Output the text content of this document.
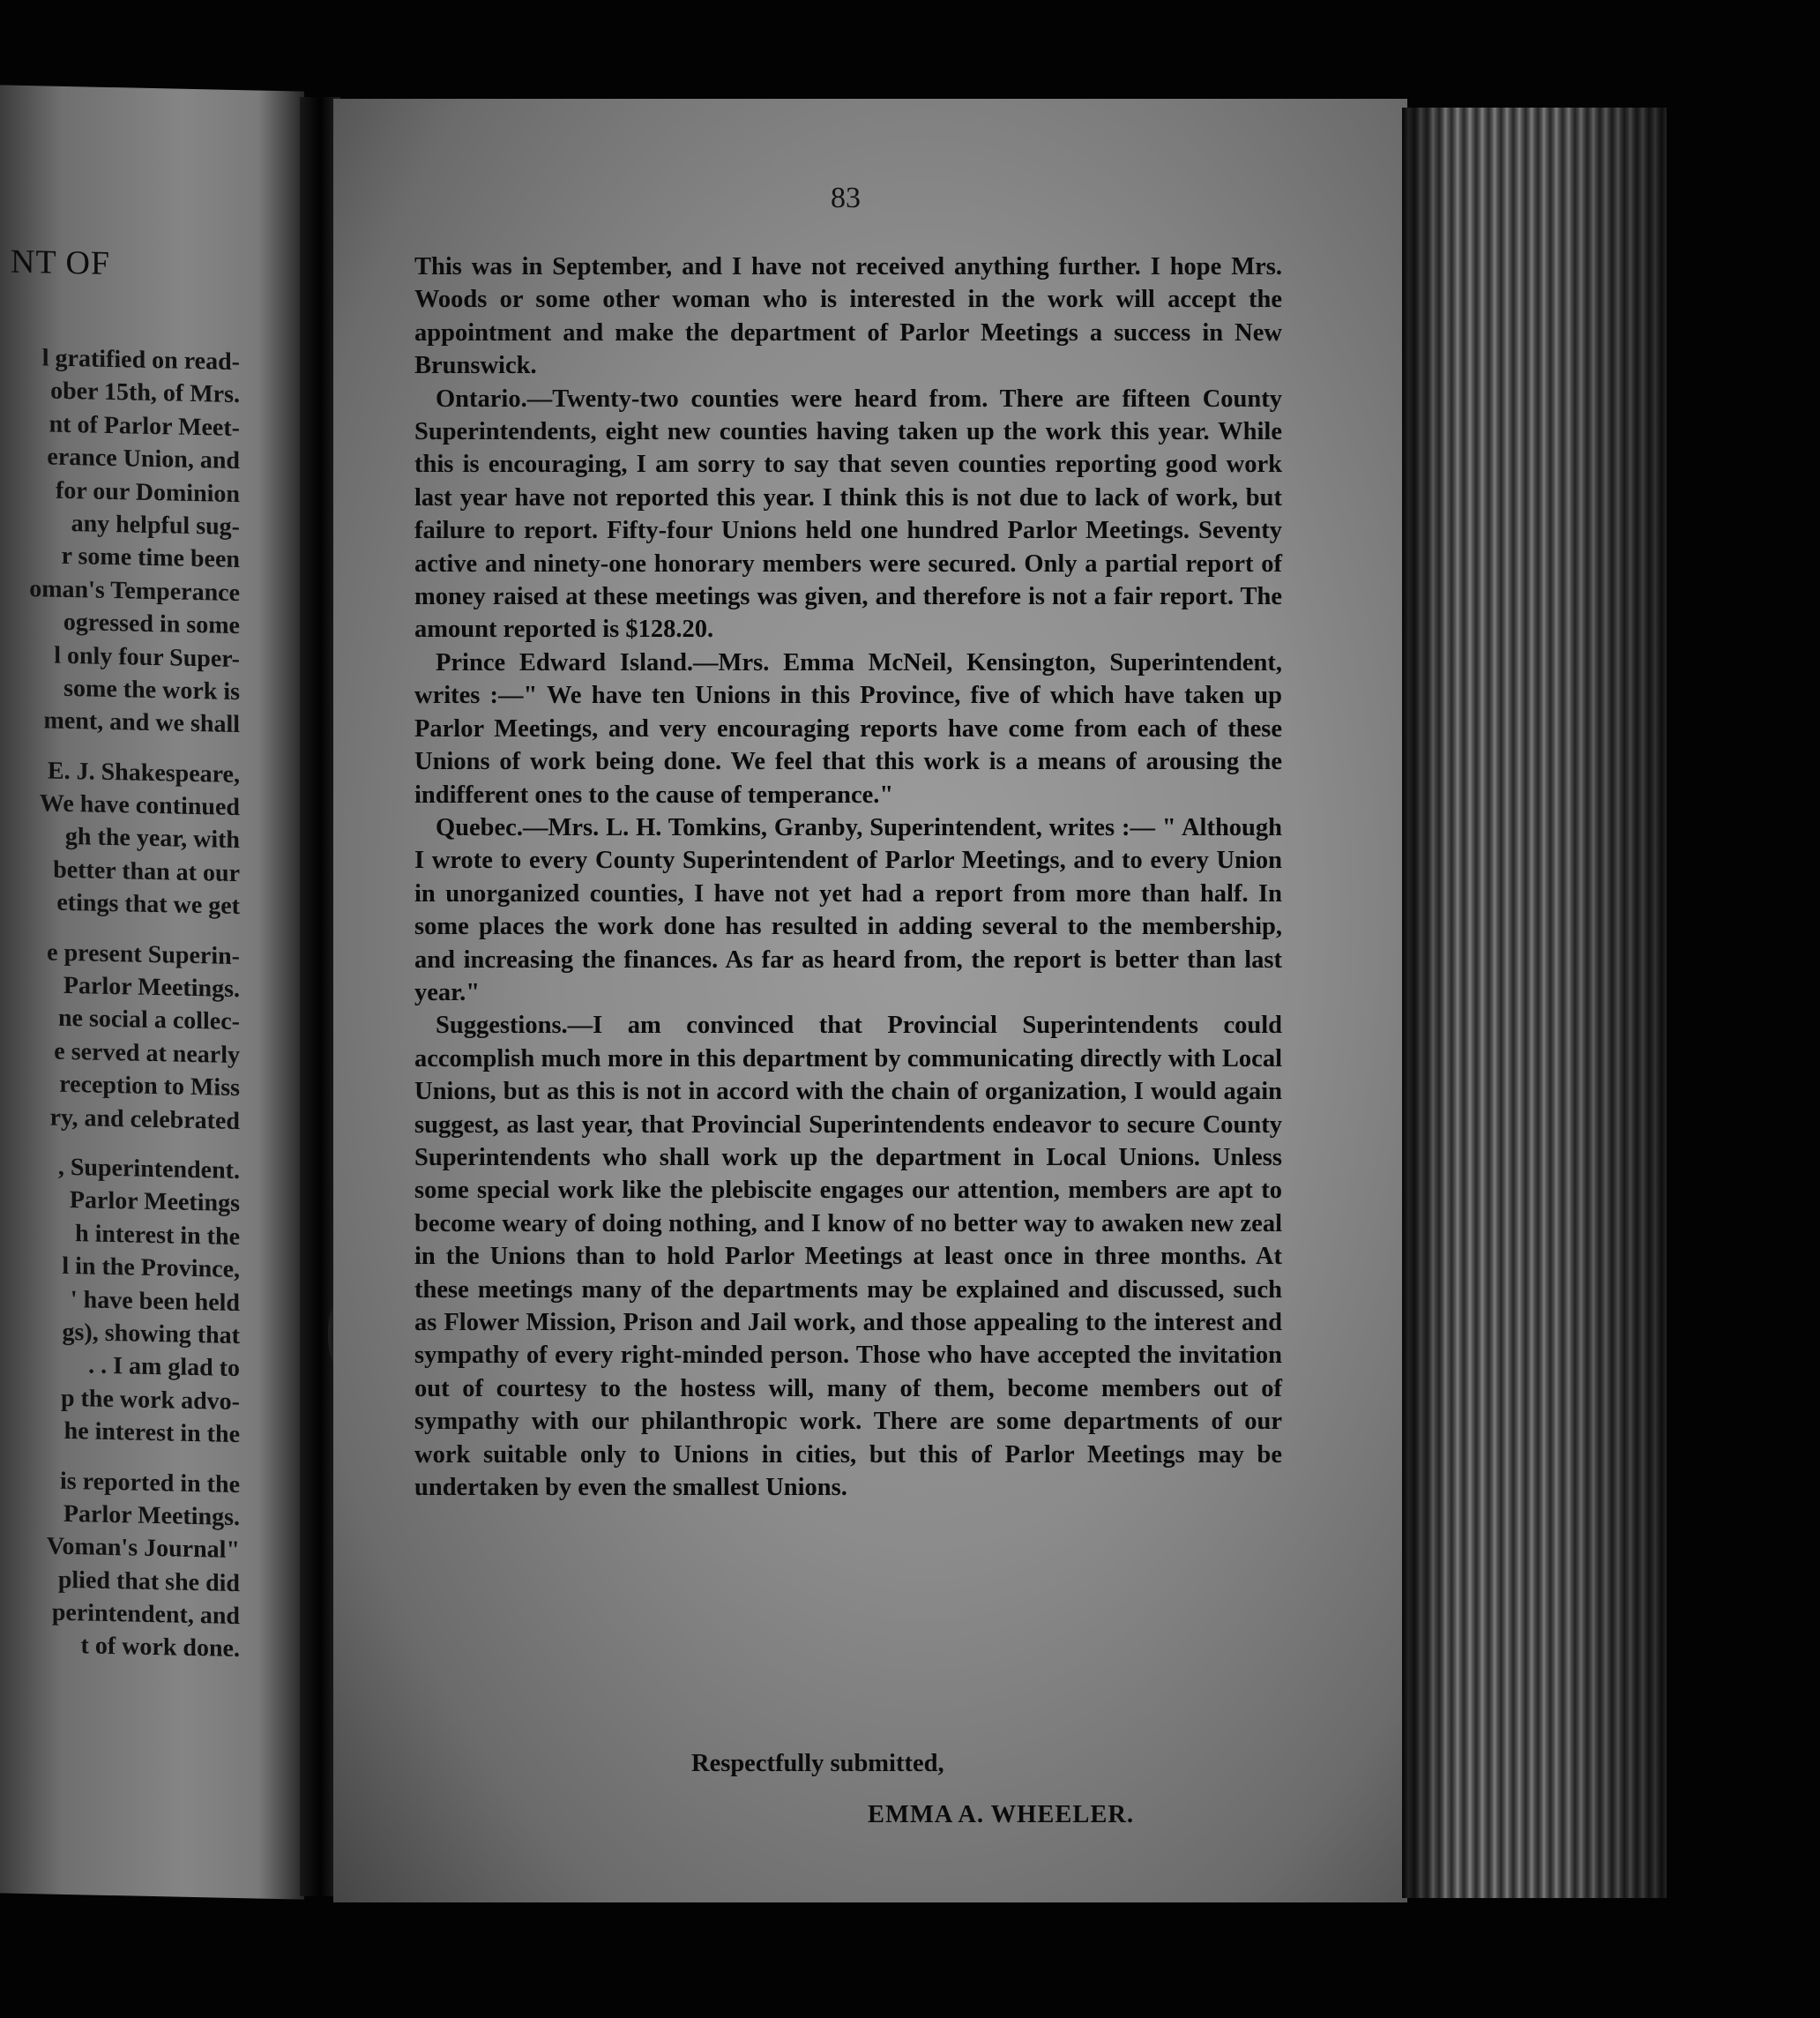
NT OF
l gratified on read-
ober 15th, of Mrs.
nt of Parlor Meet-
erance Union, and
for our Dominion
any helpful sug-
r some time been
oman's Temperance
ogressed in some
l only four Super-
some the work is
ment, and we shall
E. J. Shakespeare,
We have continued
gh the year, with
better than at our
etings that we get
e present Superin-
Parlor Meetings.
ne social a collec-
e served at nearly
reception to Miss
ry, and celebrated
, Superintendent.
Parlor Meetings
h interest in the
l in the Province,
' have been held
gs), showing that
. . I am glad to
p the work advo-
he interest in the
is reported in the
Parlor Meetings.
Voman's Journal"
plied that she did
perintendent, and
t of work done.
83

This was in September, and I have not received anything further. I hope Mrs. Woods or some other woman who is interested in the work will accept the appointment and make the department of Parlor Meetings a success in New Brunswick.

Ontario.—Twenty-two counties were heard from. There are fifteen County Superintendents, eight new counties having taken up the work this year. While this is encouraging, I am sorry to say that seven counties reporting good work last year have not reported this year. I think this is not due to lack of work, but failure to report. Fifty-four Unions held one hundred Parlor Meetings. Seventy active and ninety-one honorary members were secured. Only a partial report of money raised at these meetings was given, and therefore is not a fair report. The amount reported is $128.20.

Prince Edward Island.—Mrs. Emma McNeil, Kensington, Superintendent, writes :—" We have ten Unions in this Province, five of which have taken up Parlor Meetings, and very encouraging reports have come from each of these Unions of work being done. We feel that this work is a means of arousing the indifferent ones to the cause of temperance."

Quebec.—Mrs. L. H. Tomkins, Granby, Superintendent, writes :— " Although I wrote to every County Superintendent of Parlor Meetings, and to every Union in unorganized counties, I have not yet had a report from more than half. In some places the work done has resulted in adding several to the membership, and increasing the finances. As far as heard from, the report is better than last year."

Suggestions.—I am convinced that Provincial Superintendents could accomplish much more in this department by communicating directly with Local Unions, but as this is not in accord with the chain of organization, I would again suggest, as last year, that Provincial Superintendents endeavor to secure County Superintendents who shall work up the department in Local Unions. Unless some special work like the plebiscite engages our attention, members are apt to become weary of doing nothing, and I know of no better way to awaken new zeal in the Unions than to hold Parlor Meetings at least once in three months. At these meetings many of the departments may be explained and discussed, such as Flower Mission, Prison and Jail work, and those appealing to the interest and sympathy of every right-minded person. Those who have accepted the invitation out of courtesy to the hostess will, many of them, become members out of sympathy with our philanthropic work. There are some departments of our work suitable only to Unions in cities, but this of Parlor Meetings may be undertaken by even the smallest Unions.

Respectfully submitted,
EMMA A. WHEELER.
